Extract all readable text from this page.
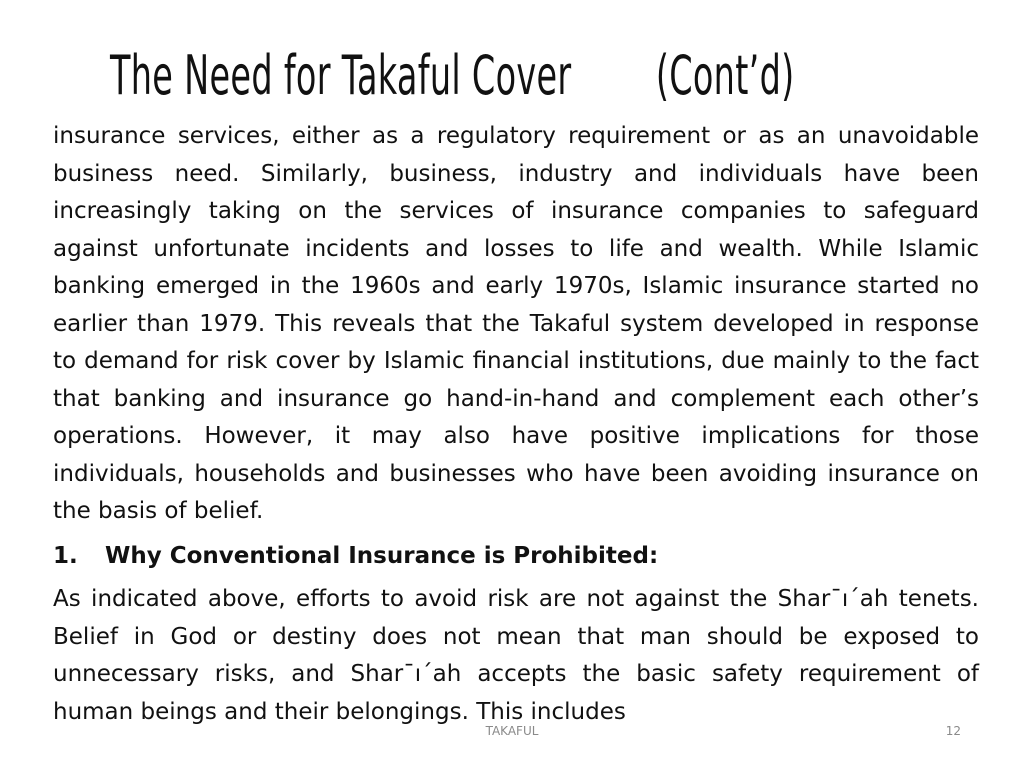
The Need for Takaful Cover (Cont’d)

insurance services, either as a regulatory requirement or as an unavoidable business need. Similarly, business, industry and individuals have been increasingly taking on the services of insurance companies to safeguard against unfortunate incidents and losses to life and wealth. While Islamic banking emerged in the 1960s and early 1970s, Islamic insurance started no earlier than 1979. This reveals that the Takaful system developed in response to demand for risk cover by Islamic financial institutions, due mainly to the fact that banking and insurance go hand-in-hand and complement each other’s operations. However, it may also have positive implications for those individuals, households and businesses who have been avoiding insurance on the basis of belief.

1.	Why Conventional Insurance is Prohibited:

As indicated above, efforts to avoid risk are not against the Shar¯ı´ah tenets. Belief in God or destiny does not mean that man should be exposed to unnecessary risks, and Shar¯ı´ah accepts the basic safety requirement of human beings and their belongings. This includes

TAKAFUL	12
